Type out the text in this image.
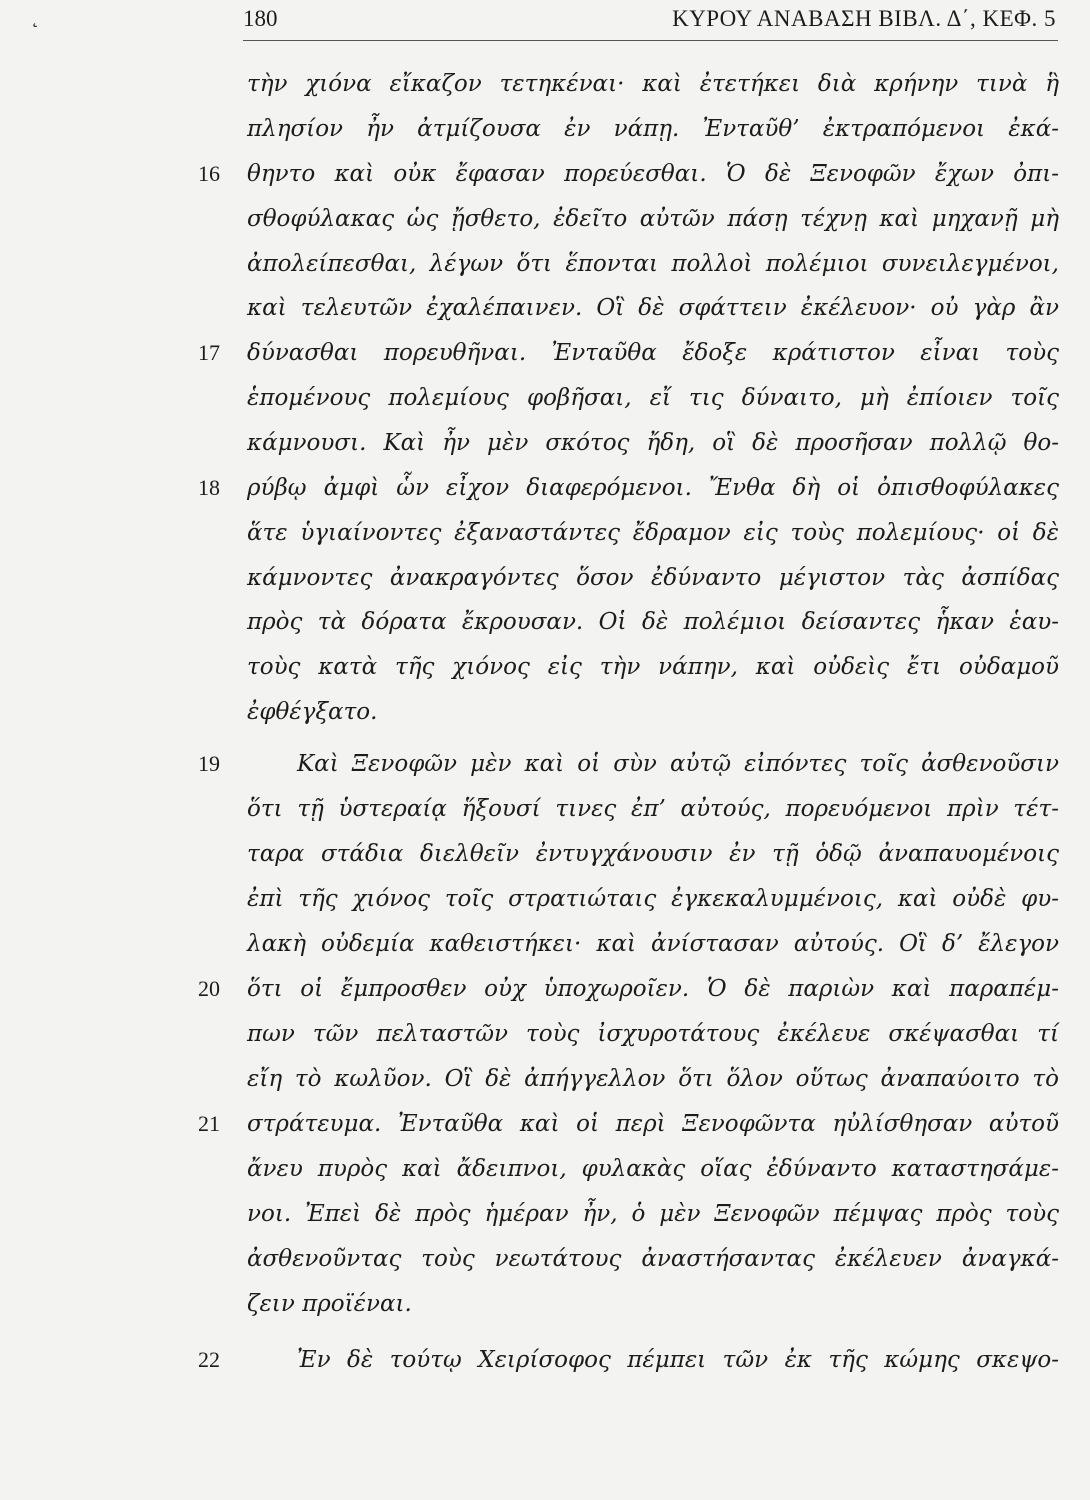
˛	180	ΚΥΡΟΥ ΑΝΑΒΑΣΗ ΒΙΒΛ. Δ΄, ΚΕΦ. 5
τὴν χιόνα εἴκαζον τετηκέναι· καὶ ἐτετήκει διὰ κρήνην τινὰ ἣ
πλησίον ἦν ἀτμίζουσα ἐν νάπῃ. Ἐνταῦθ’ ἐκτραπόμενοι ἐκά-
θηντο καὶ οὐκ ἔφασαν πορεύεσθαι. Ὁ δὲ Ξενοφῶν ἔχων ὀπι-
σθοφύλακας ὡς ᾔσθετο, ἐδεῖτο αὐτῶν πάσῃ τέχνῃ καὶ μηχανῇ μὴ
ἀπολείπεσθαι, λέγων ὅτι ἕπονται πολλοὶ πολέμιοι συνειλεγμένοι,
καὶ τελευτῶν ἐχαλέπαινεν. Οἳ δὲ σφάττειν ἐκέλευον· οὐ γὰρ ἂν
δύνασθαι πορευθῆναι. Ἐνταῦθα ἔδοξε κράτιστον εἶναι τοὺς
ἑπομένους πολεμίους φοβῆσαι, εἴ τις δύναιτο, μὴ ἐπίοιεν τοῖς
κάμνουσι. Καὶ ἦν μὲν σκότος ἤδη, οἳ δὲ προσῆσαν πολλῷ θο-
ρύβῳ ἀμφὶ ὧν εἶχον διαφερόμενοι. Ἔνθα δὴ οἱ ὀπισθοφύλακες
ἅτε ὑγιαίνοντες ἐξαναστάντες ἔδραμον εἰς τοὺς πολεμίους· οἱ δὲ
κάμνοντες ἀνακραγόντες ὅσον ἐδύναντο μέγιστον τὰς ἀσπίδας
πρὸς τὰ δόρατα ἔκρουσαν. Οἱ δὲ πολέμιοι δείσαντες ἧκαν ἑαυ-
τοὺς κατὰ τῆς χιόνος εἰς τὴν νάπην, καὶ οὐδεὶς ἔτι οὐδαμοῦ
ἐφθέγξατο.
Καὶ Ξενοφῶν μὲν καὶ οἱ σὺν αὐτῷ εἰπόντες τοῖς ἀσθενοῦσιν
ὅτι τῇ ὑστεραίᾳ ἥξουσί τινες ἐπ’ αὐτούς, πορευόμενοι πρὶν τέτ-
ταρα στάδια διελθεῖν ἐντυγχάνουσιν ἐν τῇ ὁδῷ ἀναπαυομένοις
ἐπὶ τῆς χιόνος τοῖς στρατιώταις ἐγκεκαλυμμένοις, καὶ οὐδὲ φυ-
λακὴ οὐδεμία καθειστήκει· καὶ ἀνίστασαν αὐτούς. Οἳ δ’ ἔλεγον
ὅτι οἱ ἔμπροσθεν οὐχ ὑποχωροῖεν. Ὁ δὲ παριὼν καὶ παραπέμ-
πων τῶν πελταστῶν τοὺς ἰσχυροτάτους ἐκέλευε σκέψασθαι τί
εἴη τὸ κωλῦον. Οἳ δὲ ἀπήγγελλον ὅτι ὅλον οὕτως ἀναπαύοιτο τὸ
στράτευμα. Ἐνταῦθα καὶ οἱ περὶ Ξενοφῶντα ηὐλίσθησαν αὐτοῦ
ἄνευ πυρὸς καὶ ἄδειπνοι, φυλακὰς οἵας ἐδύναντο καταστησάμε-
νοι. Ἐπεὶ δὲ πρὸς ἡμέραν ἦν, ὁ μὲν Ξενοφῶν πέμψας πρὸς τοὺς
ἀσθενοῦντας τοὺς νεωτάτους ἀναστήσαντας ἐκέλευεν ἀναγκά-
ζειν προϊέναι.
Ἐν δὲ τούτῳ Χειρίσοφος πέμπει τῶν ἐκ τῆς κώμης σκεψο-
16
17
18
19
20
21
22
